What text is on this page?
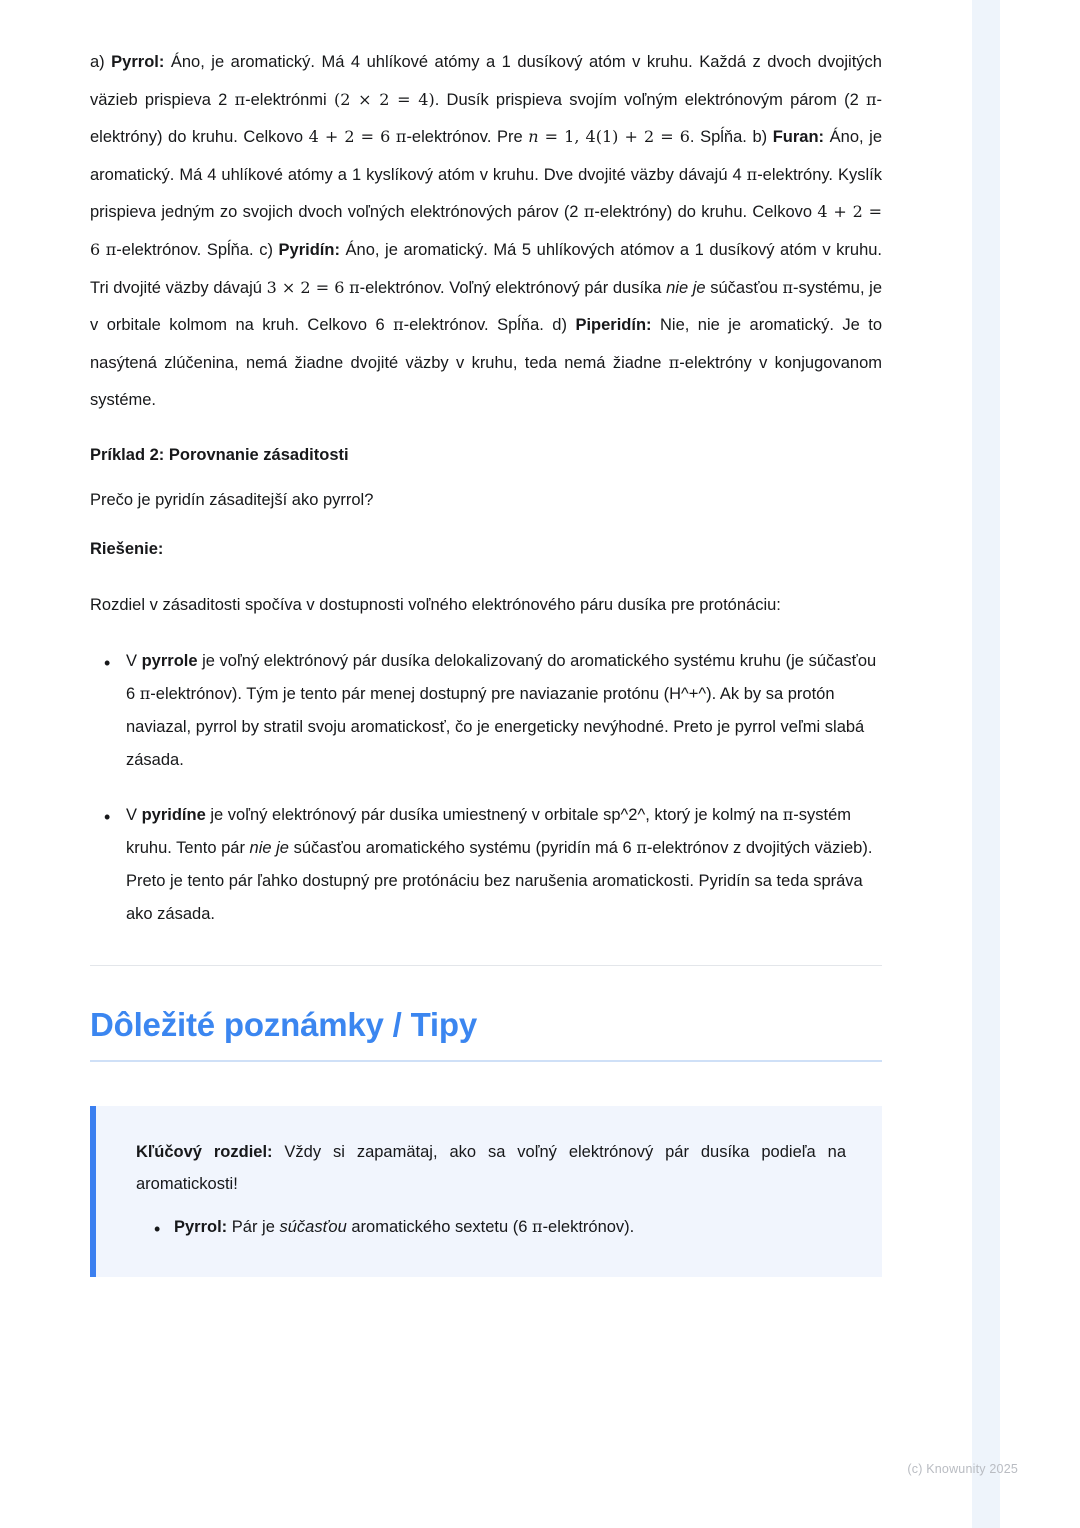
a) Pyrrol: Áno, je aromatický. Má 4 uhlíkové atómy a 1 dusíkový atóm v kruhu. Každá z dvoch dvojitých väzieb prispieva 2 π-elektrónmi (2 × 2 = 4). Dusík prispieva svojím voľným elektrónovým párom (2 π-elektróny) do kruhu. Celkovo 4 + 2 = 6 π-elektrónov. Pre n = 1, 4(1) + 2 = 6. Spĺňa. b) Furan: Áno, je aromatický. Má 4 uhlíkové atómy a 1 kyslíkový atóm v kruhu. Dve dvojité väzby dávajú 4 π-elektróny. Kyslík prispieva jedným zo svojich dvoch voľných elektrónových párov (2 π-elektróny) do kruhu. Celkovo 4 + 2 = 6 π-elektrónov. Spĺňa. c) Pyridín: Áno, je aromatický. Má 5 uhlíkových atómov a 1 dusíkový atóm v kruhu. Tri dvojité väzby dávajú 3 × 2 = 6 π-elektrónov. Voľný elektrónový pár dusíka nie je súčasťou π-systému, je v orbitale kolmom na kruh. Celkovo 6 π-elektrónov. Spĺňa. d) Piperidín: Nie, nie je aromatický. Je to nasýtená zlúčenina, nemá žiadne dvojité väzby v kruhu, teda nemá žiadne π-elektróny v konjugovanom systéme.

Príklad 2: Porovnanie zásaditosti

Prečo je pyridín zásaditejší ako pyrrol?

Riešenie:

Rozdiel v zásaditosti spočíva v dostupnosti voľného elektrónového páru dusíka pre protónáciu:

• V pyrrole je voľný elektrónový pár dusíka delokalizovaný do aromatického systému kruhu (je súčasťou 6 π-elektrónov). Tým je tento pár menej dostupný pre naviazanie protónu (H^+^). Ak by sa protón naviazal, pyrrol by stratil svoju aromatickosť, čo je energeticky nevýhodné. Preto je pyrrol veľmi slabá zásada.
• V pyridíne je voľný elektrónový pár dusíka umiestnený v orbitale sp^2^, ktorý je kolmý na π-systém kruhu. Tento pár nie je súčasťou aromatického systému (pyridín má 6 π-elektrónov z dvojitých väzieb). Preto je tento pár ľahko dostupný pre protónáciu bez narušenia aromatickosti. Pyridín sa teda správa ako zásada.
Dôležité poznámky / Tipy

Kľúčový rozdiel: Vždy si zapamätaj, ako sa voľný elektrónový pár dusíka podieľa na aromatickosti!

• Pyrrol: Pár je súčasťou aromatického sextetu (6 π-elektrónov).
(c) Knowunity 2025
